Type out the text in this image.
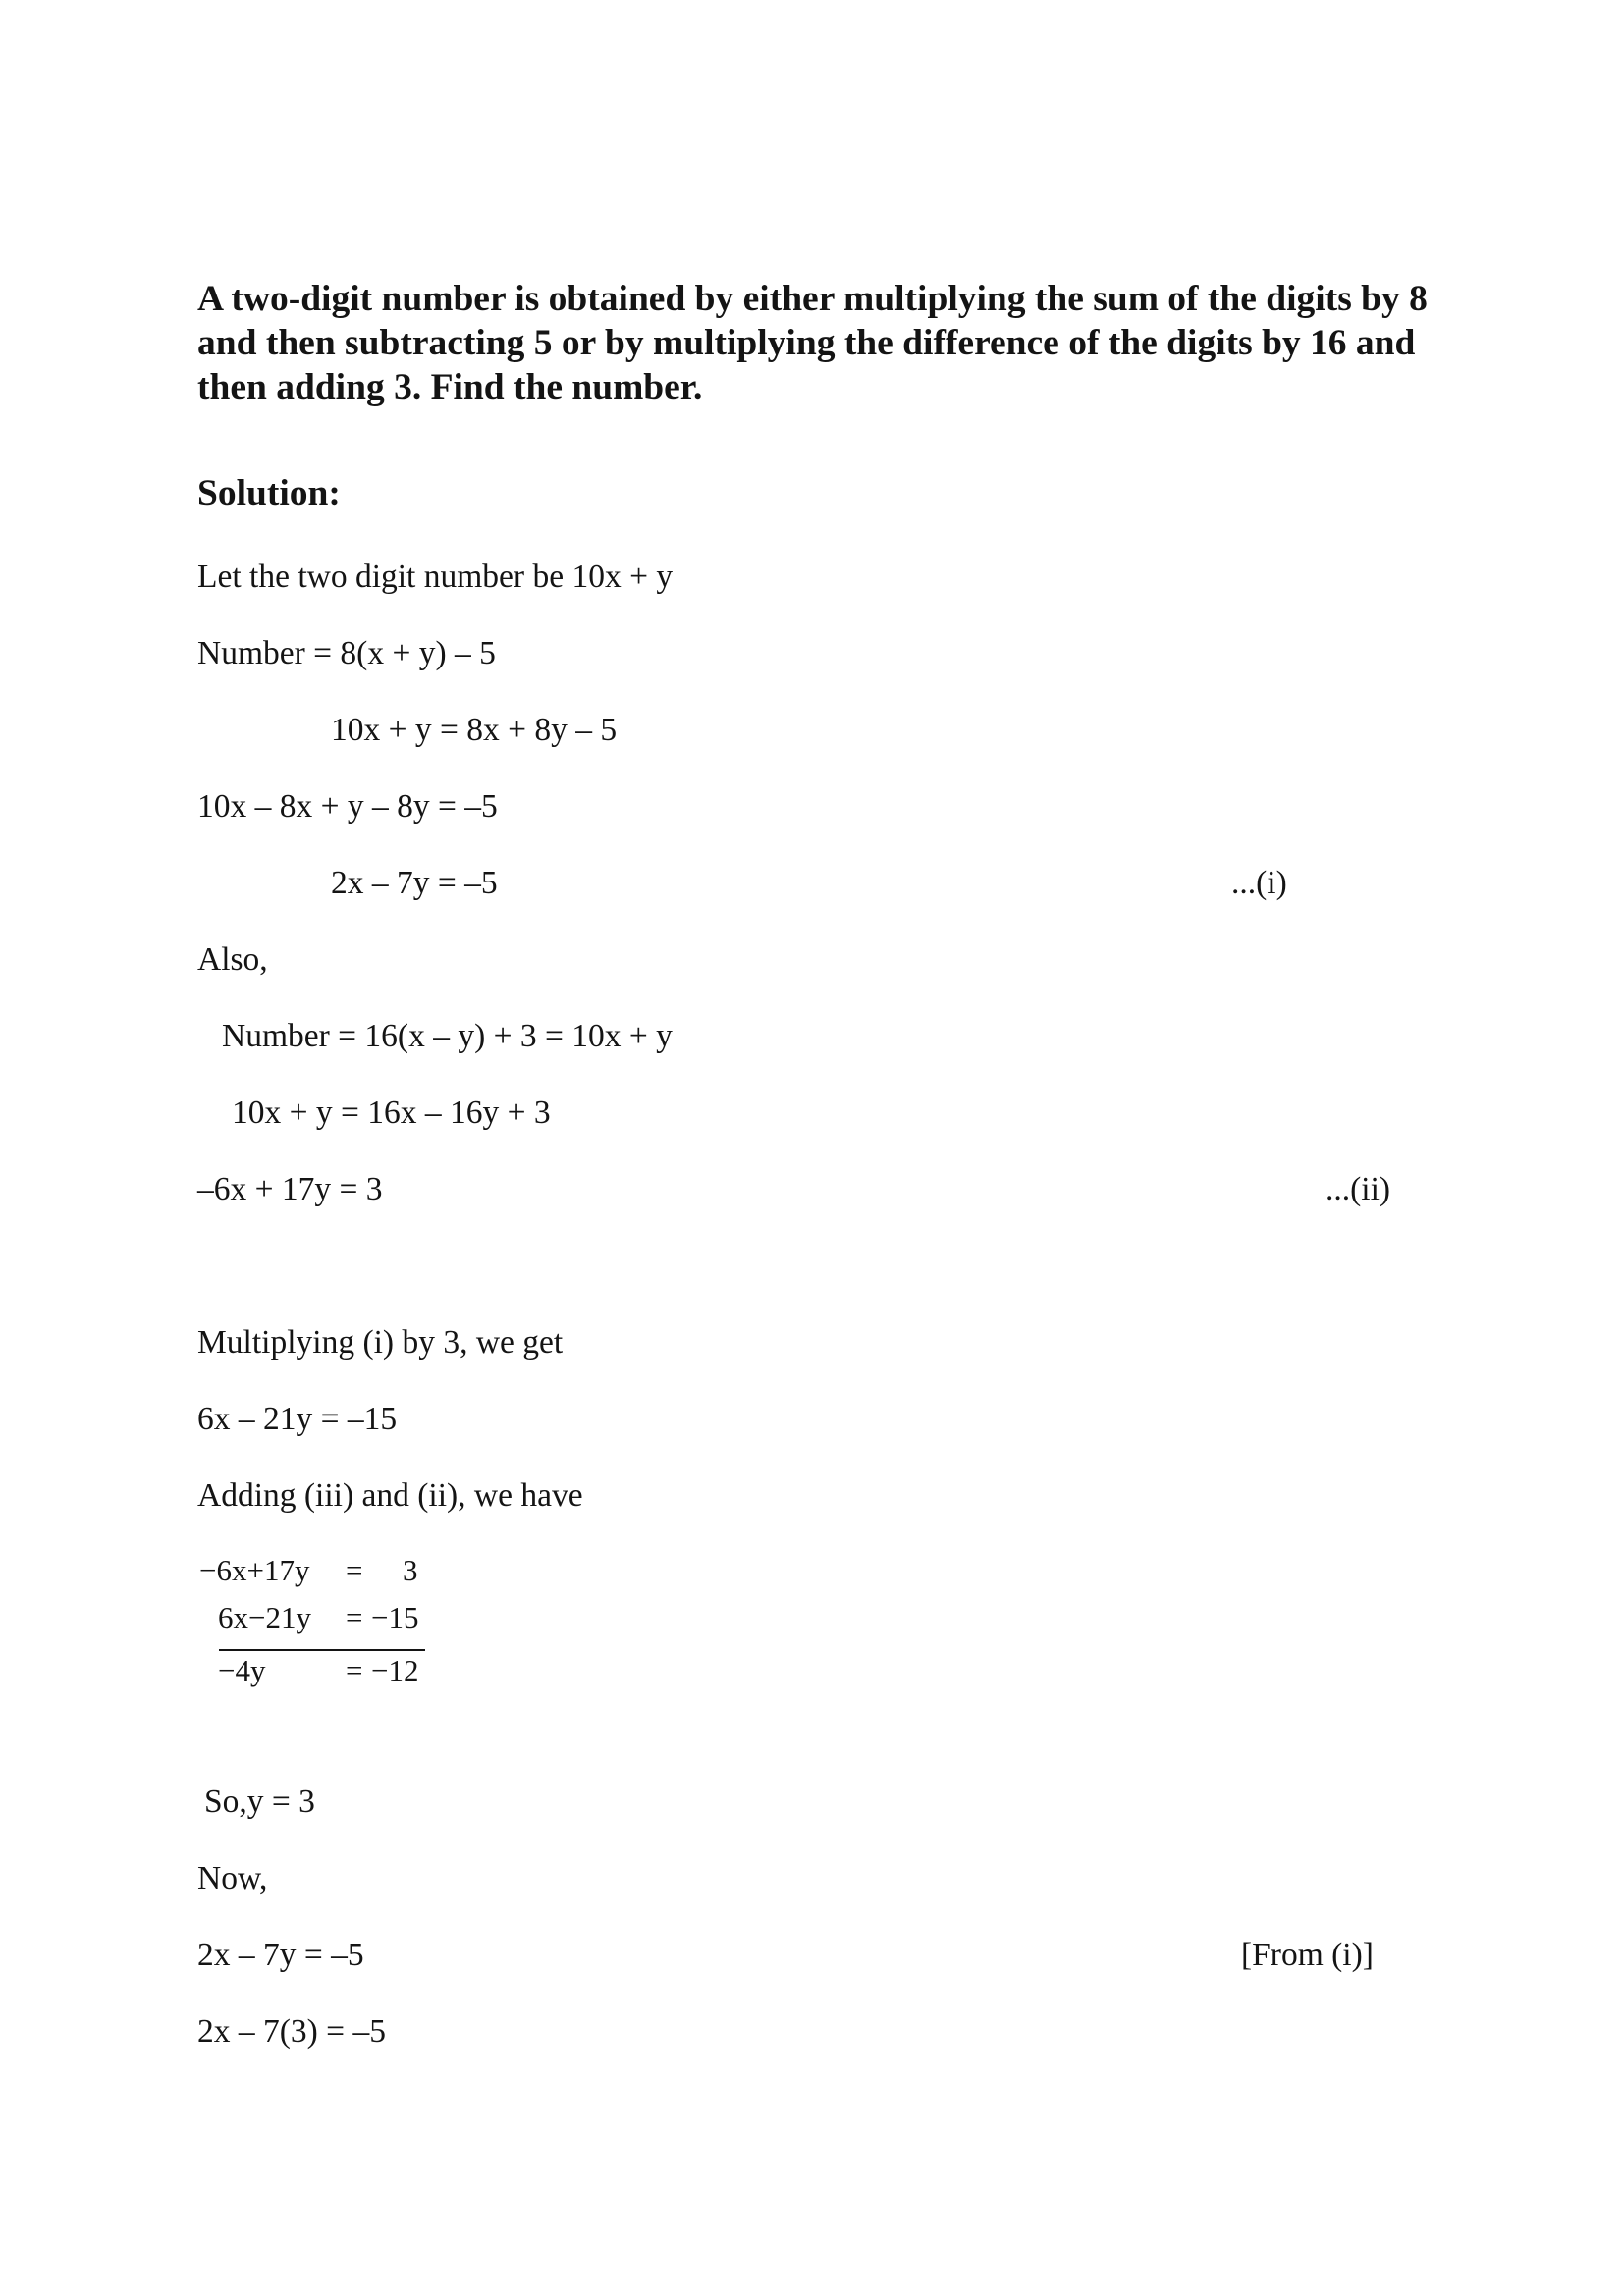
A two-digit number is obtained by either multiplying the sum of the digits by 8 and then subtracting 5 or by multiplying the difference of the digits by 16 and then adding 3. Find the number.

Solution:

Let the two digit number be 10x + y
Number = 8(x + y) – 5
10x + y = 8x + 8y – 5
10x – 8x + y – 8y = –5
2x – 7y = –5	...(i)
Also,
Number = 16(x – y) + 3 = 10x + y
10x + y = 16x – 16y + 3
–6x + 17y = 3	...(ii)
Multiplying (i) by 3, we get
6x – 21y = –15
Adding (iii) and (ii), we have
−6x+17y = 3
6x−21y = −15
−4y	= −12
So,y = 3
Now,
2x – 7y = –5	[From (i)]
2x – 7(3) = –5
